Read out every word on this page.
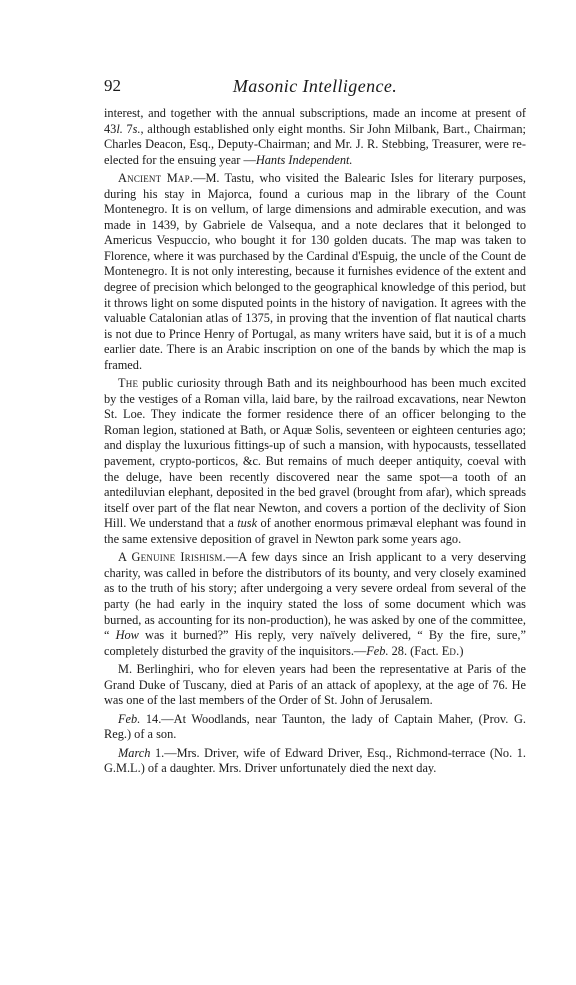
92	Masonic Intelligence.

interest, and together with the annual subscriptions, made an income at present of 43l. 7s., although established only eight months. Sir John Milbank, Bart., Chairman; Charles Deacon, Esq., Deputy-Chairman; and Mr. J. R. Stebbing, Treasurer, were re-elected for the ensuing year —Hants Independent.

Ancient Map.—M. Tastu, who visited the Balearic Isles for literary purposes, during his stay in Majorca, found a curious map in the library of the Count Montenegro. It is on vellum, of large dimensions and admirable execution, and was made in 1439, by Gabriele de Valsequa, and a note declares that it belonged to Americus Vespuccio, who bought it for 130 golden ducats. The map was taken to Florence, where it was purchased by the Cardinal d'Espuig, the uncle of the Count de Montenegro. It is not only interesting, because it furnishes evidence of the extent and degree of precision which belonged to the geographical knowledge of this period, but it throws light on some disputed points in the history of navigation. It agrees with the valuable Catalonian atlas of 1375, in proving that the invention of flat nautical charts is not due to Prince Henry of Portugal, as many writers have said, but it is of a much earlier date. There is an Arabic inscription on one of the bands by which the map is framed.

The public curiosity through Bath and its neighbourhood has been much excited by the vestiges of a Roman villa, laid bare, by the railroad excavations, near Newton St. Loe. They indicate the former residence there of an officer belonging to the Roman legion, stationed at Bath, or Aquæ Solis, seventeen or eighteen centuries ago; and display the luxurious fittings-up of such a mansion, with hypocausts, tessellated pavement, crypto-porticos, &c. But remains of much deeper antiquity, coeval with the deluge, have been recently discovered near the same spot—a tooth of an antediluvian elephant, deposited in the bed gravel (brought from afar), which spreads itself over part of the flat near Newton, and covers a portion of the declivity of Sion Hill. We understand that a tusk of another enormous primæval elephant was found in the same extensive deposition of gravel in Newton park some years ago.

A Genuine Irishism.—A few days since an Irish applicant to a very deserving charity, was called in before the distributors of its bounty, and very closely examined as to the truth of his story; after undergoing a very severe ordeal from several of the party (he had early in the inquiry stated the loss of some document which was burned, as accounting for its non-production), he was asked by one of the committee, “ How was it burned?” His reply, very naïvely delivered, “ By the fire, sure,” completely disturbed the gravity of the inquisitors.—Feb. 28. (Fact. Ed.)

M. Berlinghiri, who for eleven years had been the representative at Paris of the Grand Duke of Tuscany, died at Paris of an attack of apoplexy, at the age of 76. He was one of the last members of the Order of St. John of Jerusalem.

Feb. 14.—At Woodlands, near Taunton, the lady of Captain Maher, (Prov. G. Reg.) of a son.

March 1.—Mrs. Driver, wife of Edward Driver, Esq., Richmond-terrace (No. 1. G.M.L.) of a daughter. Mrs. Driver unfortunately died the next day.
